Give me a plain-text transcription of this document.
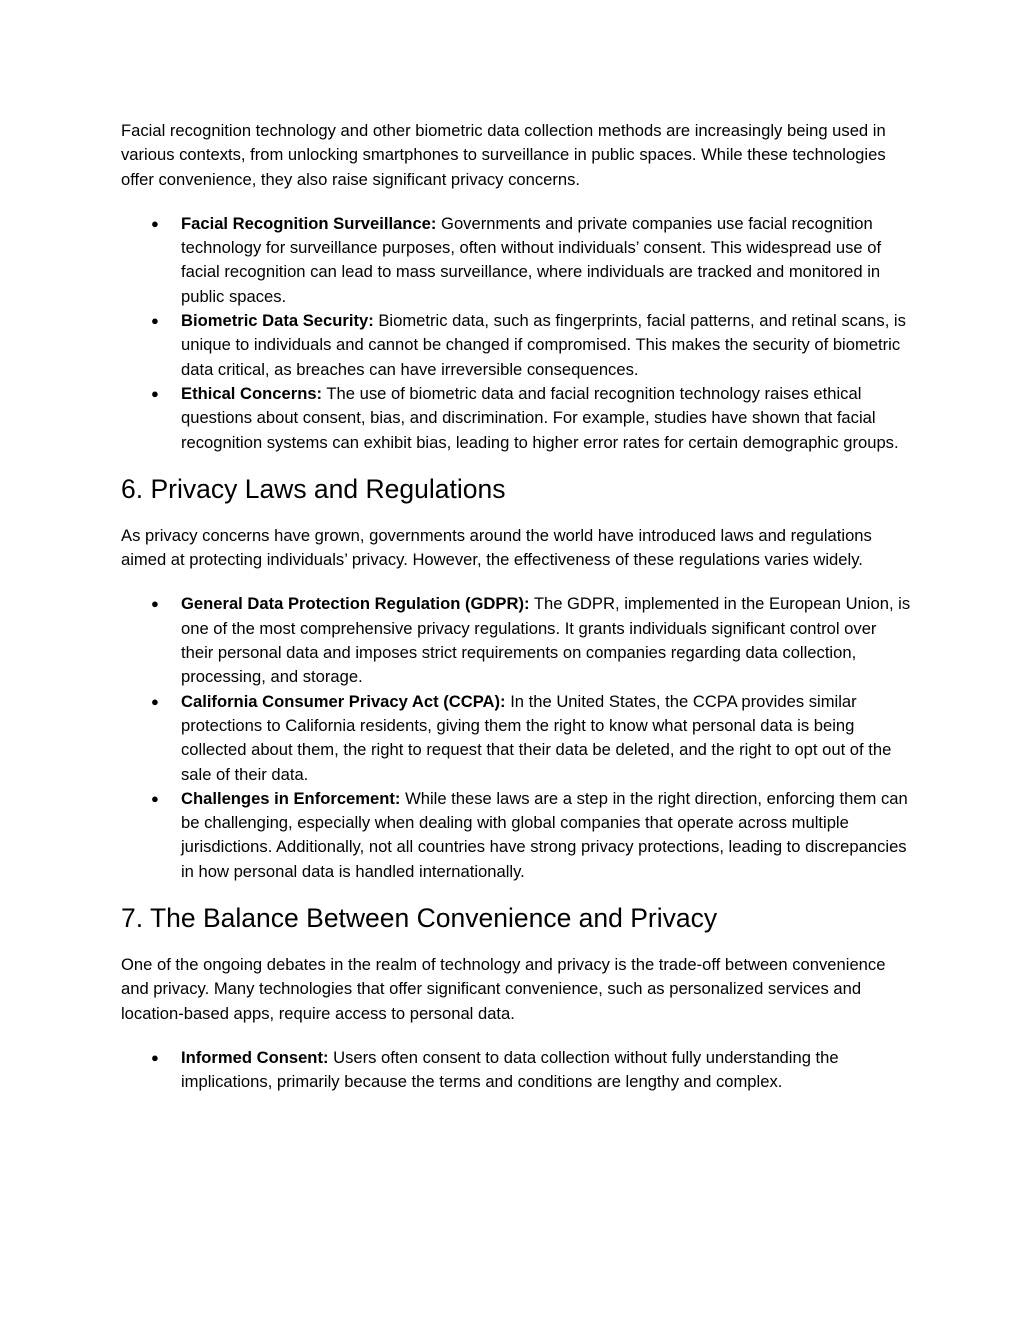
Facial recognition technology and other biometric data collection methods are increasingly being used in various contexts, from unlocking smartphones to surveillance in public spaces. While these technologies offer convenience, they also raise significant privacy concerns.

● Facial Recognition Surveillance: Governments and private companies use facial recognition technology for surveillance purposes, often without individuals’ consent. This widespread use of facial recognition can lead to mass surveillance, where individuals are tracked and monitored in public spaces.
● Biometric Data Security: Biometric data, such as fingerprints, facial patterns, and retinal scans, is unique to individuals and cannot be changed if compromised. This makes the security of biometric data critical, as breaches can have irreversible consequences.
● Ethical Concerns: The use of biometric data and facial recognition technology raises ethical questions about consent, bias, and discrimination. For example, studies have shown that facial recognition systems can exhibit bias, leading to higher error rates for certain demographic groups.
6. Privacy Laws and Regulations

As privacy concerns have grown, governments around the world have introduced laws and regulations aimed at protecting individuals’ privacy. However, the effectiveness of these regulations varies widely.

● General Data Protection Regulation (GDPR): The GDPR, implemented in the European Union, is one of the most comprehensive privacy regulations. It grants individuals significant control over their personal data and imposes strict requirements on companies regarding data collection, processing, and storage.
● California Consumer Privacy Act (CCPA): In the United States, the CCPA provides similar protections to California residents, giving them the right to know what personal data is being collected about them, the right to request that their data be deleted, and the right to opt out of the sale of their data.
● Challenges in Enforcement: While these laws are a step in the right direction, enforcing them can be challenging, especially when dealing with global companies that operate across multiple jurisdictions. Additionally, not all countries have strong privacy protections, leading to discrepancies in how personal data is handled internationally.
7. The Balance Between Convenience and Privacy

One of the ongoing debates in the realm of technology and privacy is the trade-off between convenience and privacy. Many technologies that offer significant convenience, such as personalized services and location-based apps, require access to personal data.

● Informed Consent: Users often consent to data collection without fully understanding the implications, primarily because the terms and conditions are lengthy and complex.
